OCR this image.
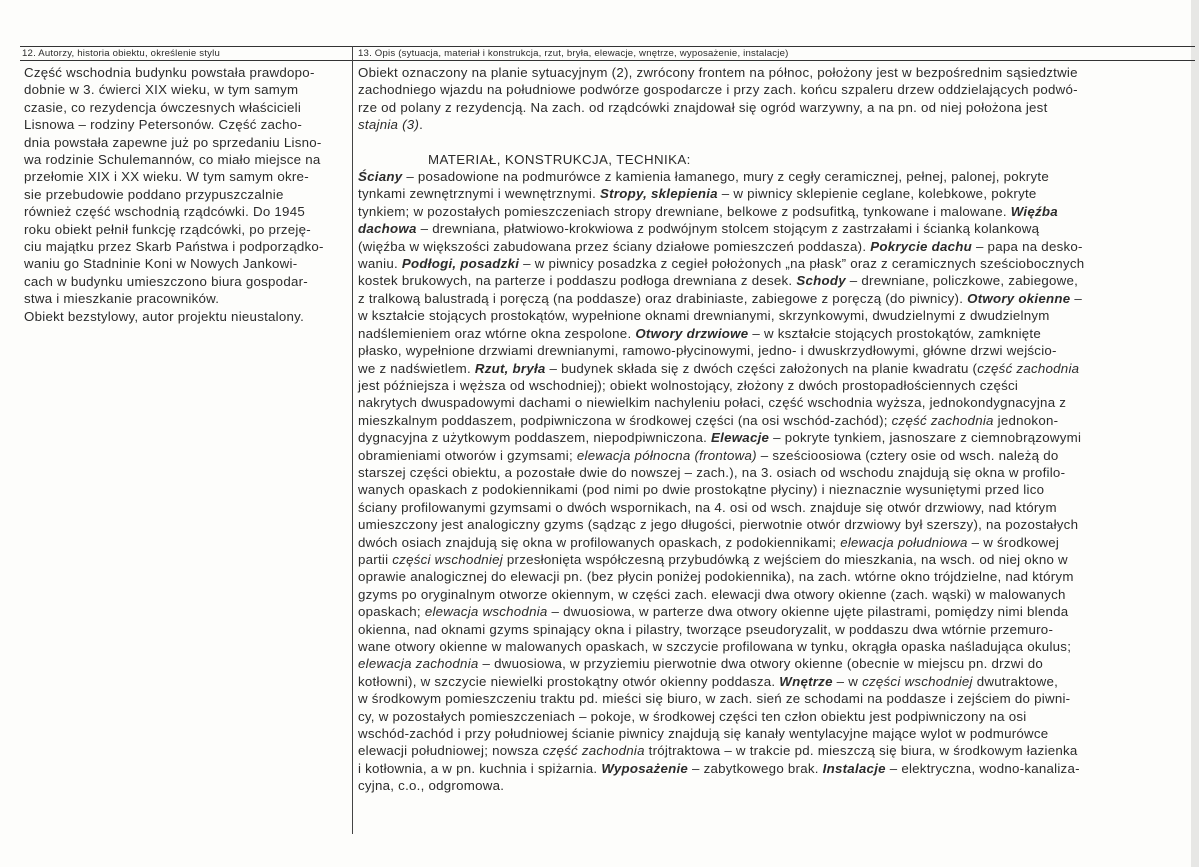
12. Autorzy, historia obiektu, określenie stylu
Część wschodnia budynku powstała prawdopo-
dobnie w 3. ćwierci XIX wieku, w tym samym
czasie, co rezydencja ówczesnych właścicieli
Lisnowa – rodziny Petersonów. Część zacho-
dnia powstała zapewne już po sprzedaniu Lisno-
wa rodzinie Schulemannów, co miało miejsce na
przełomie XIX i XX wieku. W tym samym okre-
sie przebudowie poddano przypuszczalnie
również część wschodnią rządcówki. Do 1945
roku obiekt pełnił funkcję rządcówki, po przeję-
ciu majątku przez Skarb Państwa i podporządko-
waniu go Stadninie Koni w Nowych Jankowi-
cach w budynku umieszczono biura gospodar-
stwa i mieszkanie pracowników.
Obiekt bezstylowy, autor projektu nieustalony.
13. Opis (sytuacja, materiał i konstrukcja, rzut, bryła, elewacje, wnętrze, wyposażenie, instalacje)
Obiekt oznaczony na planie sytuacyjnym (2), zwrócony frontem na północ, położony jest w bezpośrednim sąsiedztwie
zachodniego wjazdu na południowe podwórze gospodarcze i przy zach. końcu szpaleru drzew oddzielających podwó-
rze od polany z rezydencją. Na zach. od rządcówki znajdował się ogród warzywny, a na pn. od niej położona jest
stajnia (3).
MATERIAŁ, KONSTRUKCJA, TECHNIKA:
Ściany – posadowione na podmurówce z kamienia łamanego, mury z cegły ceramicznej, pełnej, palonej, pokryte
tynkami zewnętrznymi i wewnętrznymi. Stropy, sklepienia – w piwnicy sklepienie ceglane, kolebkowe, pokryte
tynkiem; w pozostałych pomieszczeniach stropy drewniane, belkowe z podsufitką, tynkowane i malowane. Więźba
dachowa – drewniana, płatwiowo-krokwiowa z podwójnym stolcem stojącym z zastrzałami i ścianką kolankową
(więźba w większości zabudowana przez ściany działowe pomieszczeń poddasza). Pokrycie dachu – papa na desko-
waniu. Podłogi, posadzki – w piwnicy posadzka z cegieł położonych „na płask” oraz z ceramicznych sześciobocznych
kostek brukowych, na parterze i poddaszu podłoga drewniana z desek. Schody – drewniane, policzkowe, zabiegowe,
z tralkową balustradą i poręczą (na poddasze) oraz drabiniaste, zabiegowe z poręczą (do piwnicy). Otwory okienne –
w kształcie stojących prostokątów, wypełnione oknami drewnianymi, skrzynkowymi, dwudzielnymi z dwudzielnym
nadślemieniem oraz wtórne okna zespolone. Otwory drzwiowe – w kształcie stojących prostokątów, zamknięte
płasko, wypełnione drzwiami drewnianymi, ramowo-płycinowymi, jedno- i dwuskrzydłowymi, główne drzwi wejścio-
we z nadświetlem. Rzut, bryła – budynek składa się z dwóch części założonych na planie kwadratu (część zachodnia
jest późniejsza i węższa od wschodniej); obiekt wolnostojący, złożony z dwóch prostopadłościennych części
nakrytych dwuspadowymi dachami o niewielkim nachyleniu połaci, część wschodnia wyższa, jednokondygnacyjna z
mieszkalnym poddaszem, podpiwniczona w środkowej części (na osi wschód-zachód); część zachodnia jednokon-
dygnacyjna z użytkowym poddaszem, niepodpiwniczona. Elewacje – pokryte tynkiem, jasnoszare z ciemnobrązowymi
obramieniami otworów i gzymsami; elewacja północna (frontowa) – sześcioosiowa (cztery osie od wsch. należą do
starszej części obiektu, a pozostałe dwie do nowszej – zach.), na 3. osiach od wschodu znajdują się okna w profilo-
wanych opaskach z podokiennikami (pod nimi po dwie prostokątne płyciny) i nieznacznie wysuniętymi przed lico
ściany profilowanymi gzymsami o dwóch wspornikach, na 4. osi od wsch. znajduje się otwór drzwiowy, nad którym
umieszczony jest analogiczny gzyms (sądząc z jego długości, pierwotnie otwór drzwiowy był szerszy), na pozostałych
dwóch osiach znajdują się okna w profilowanych opaskach, z podokiennikami; elewacja południowa – w środkowej
partii części wschodniej przesłonięta współczesną przybudówką z wejściem do mieszkania, na wsch. od niej okno w
oprawie analogicznej do elewacji pn. (bez płycin poniżej podokiennika), na zach. wtórne okno trójdzielne, nad którym
gzyms po oryginalnym otworze okiennym, w części zach. elewacji dwa otwory okienne (zach. wąski) w malowanych
opaskach; elewacja wschodnia – dwuosiowa, w parterze dwa otwory okienne ujęte pilastrami, pomiędzy nimi blenda
okienna, nad oknami gzyms spinający okna i pilastry, tworzące pseudoryzalit, w poddaszu dwa wtórnie przemuro-
wane otwory okienne w malowanych opaskach, w szczycie profilowana w tynku, okrągła opaska naśladująca okulus;
elewacja zachodnia – dwuosiowa, w przyziemiu pierwotnie dwa otwory okienne (obecnie w miejscu pn. drzwi do
kotłowni), w szczycie niewielki prostokątny otwór okienny poddasza. Wnętrze – w części wschodniej dwutraktowe,
w środkowym pomieszczeniu traktu pd. mieści się biuro, w zach. sień ze schodami na poddasze i zejściem do piwni-
cy, w pozostałych pomieszczeniach – pokoje, w środkowej części ten człon obiektu jest podpiwniczony na osi
wschód-zachód i przy południowej ścianie piwnicy znajdują się kanały wentylacyjne mające wylot w podmurówce
elewacji południowej; nowsza część zachodnia trójtraktowa – w trakcie pd. mieszczą się biura, w środkowym łazienka
i kotłownia, a w pn. kuchnia i spiżarnia. Wyposażenie – zabytkowego brak. Instalacje – elektryczna, wodno-kanaliza-
cyjna, c.o., odgromowa.
